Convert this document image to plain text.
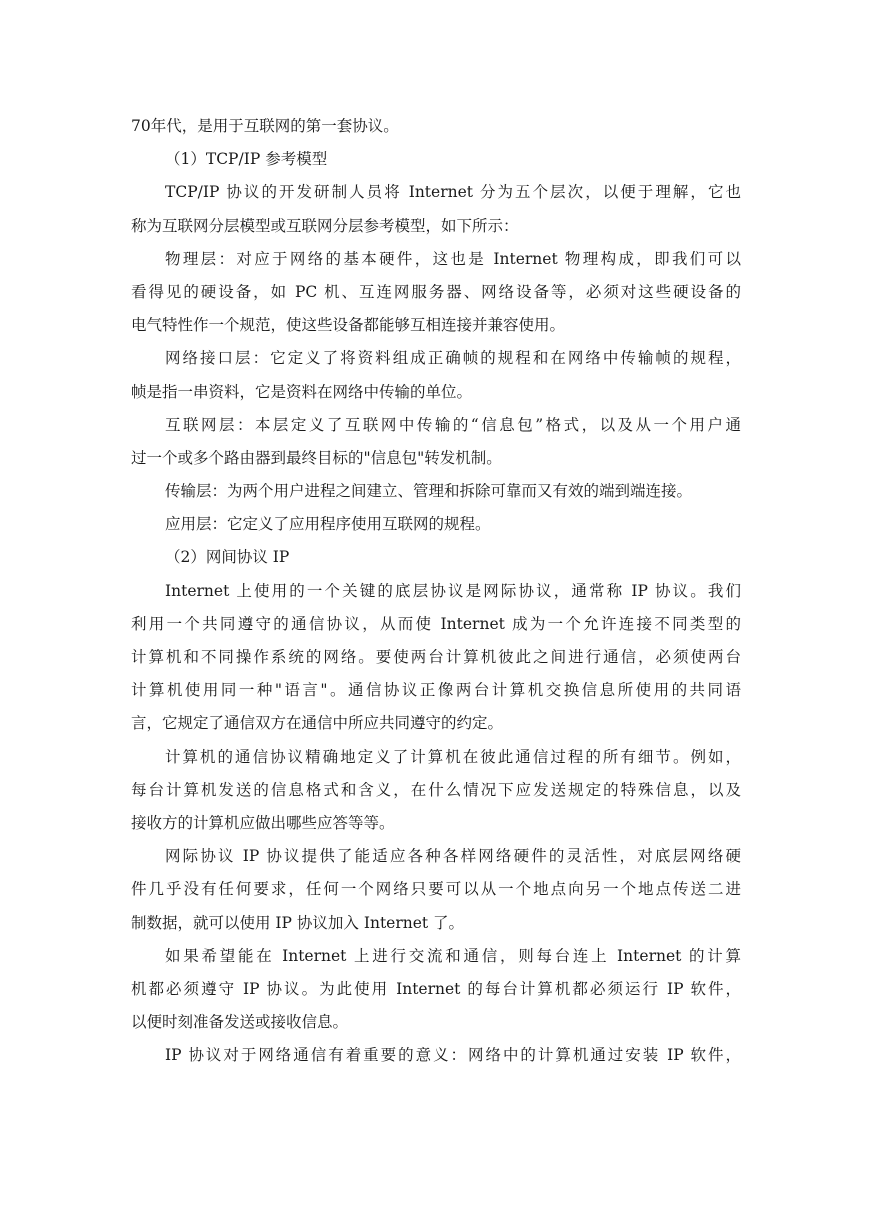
70年代，是用于互联网的第一套协议。
（1）TCP/IP 参考模型
TCP/IP 协议的开发研制人员将 Internet 分为五个层次，以便于理解，它也
称为互联网分层模型或互联网分层参考模型，如下所示：
物理层：对应于网络的基本硬件，这也是 Internet 物理构成，即我们可以
看得见的硬设备，如 PC 机、互连网服务器、网络设备等，必须对这些硬设备的
电气特性作一个规范，使这些设备都能够互相连接并兼容使用。
网络接口层：它定义了将资料组成正确帧的规程和在网络中传输帧的规程，
帧是指一串资料，它是资料在网络中传输的单位。
互联网层：本层定义了互联网中传输的“信息包”格式，以及从一个用户通
过一个或多个路由器到最终目标的"信息包"转发机制。
传输层：为两个用户进程之间建立、管理和拆除可靠而又有效的端到端连接。
应用层：它定义了应用程序使用互联网的规程。
（2）网间协议 IP
Internet 上使用的一个关键的底层协议是网际协议，通常称 IP 协议。我们
利用一个共同遵守的通信协议，从而使 Internet 成为一个允许连接不同类型的
计算机和不同操作系统的网络。要使两台计算机彼此之间进行通信，必须使两台
计算机使用同一种"语言"。通信协议正像两台计算机交换信息所使用的共同语
言，它规定了通信双方在通信中所应共同遵守的约定。
计算机的通信协议精确地定义了计算机在彼此通信过程的所有细节。例如，
每台计算机发送的信息格式和含义，在什么情况下应发送规定的特殊信息，以及
接收方的计算机应做出哪些应答等等。
网际协议 IP 协议提供了能适应各种各样网络硬件的灵活性，对底层网络硬
件几乎没有任何要求，任何一个网络只要可以从一个地点向另一个地点传送二进
制数据，就可以使用 IP 协议加入 Internet 了。
如果希望能在 Internet 上进行交流和通信，则每台连上 Internet 的计算
机都必须遵守 IP 协议。为此使用 Internet 的每台计算机都必须运行 IP 软件，
以便时刻准备发送或接收信息。
IP 协议对于网络通信有着重要的意义：网络中的计算机通过安装 IP 软件，
